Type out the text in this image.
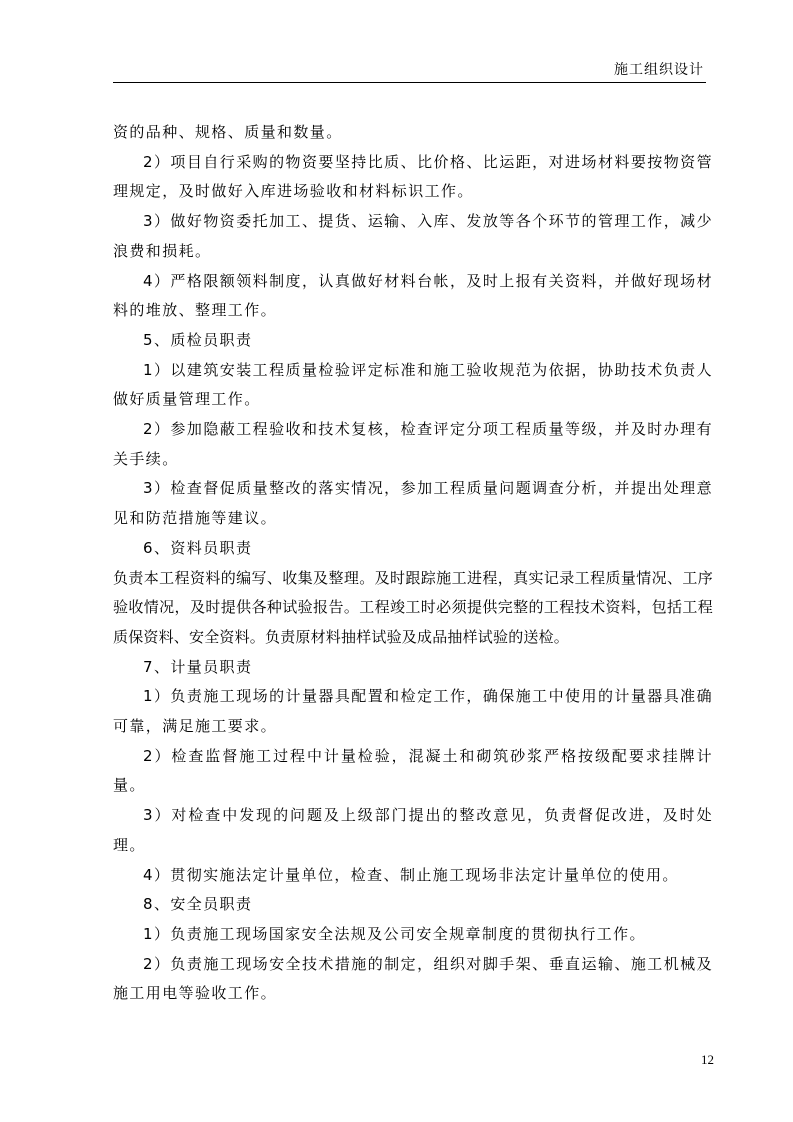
施工组织设计

资的品种、规格、质量和数量。

2）项目自行采购的物资要坚持比质、比价格、比运距，对进场材料要按物资管理规定，及时做好入库进场验收和材料标识工作。

3）做好物资委托加工、提货、运输、入库、发放等各个环节的管理工作，减少浪费和损耗。

4）严格限额领料制度，认真做好材料台帐，及时上报有关资料，并做好现场材料的堆放、整理工作。

5、质检员职责

1）以建筑安装工程质量检验评定标准和施工验收规范为依据，协助技术负责人做好质量管理工作。

2）参加隐蔽工程验收和技术复核，检查评定分项工程质量等级，并及时办理有关手续。

3）检查督促质量整改的落实情况，参加工程质量问题调查分析，并提出处理意见和防范措施等建议。

6、资料员职责

负责本工程资料的编写、收集及整理。及时跟踪施工进程，真实记录工程质量情况、工序验收情况，及时提供各种试验报告。工程竣工时必须提供完整的工程技术资料，包括工程质保资料、安全资料。负责原材料抽样试验及成品抽样试验的送检。

7、计量员职责

1）负责施工现场的计量器具配置和检定工作，确保施工中使用的计量器具准确可靠，满足施工要求。

2）检查监督施工过程中计量检验，混凝土和砌筑砂浆严格按级配要求挂牌计量。

3）对检查中发现的问题及上级部门提出的整改意见，负责督促改进，及时处理。

4）贯彻实施法定计量单位，检查、制止施工现场非法定计量单位的使用。

8、安全员职责

1）负责施工现场国家安全法规及公司安全规章制度的贯彻执行工作。

2）负责施工现场安全技术措施的制定，组织对脚手架、垂直运输、施工机械及施工用电等验收工作。

12
